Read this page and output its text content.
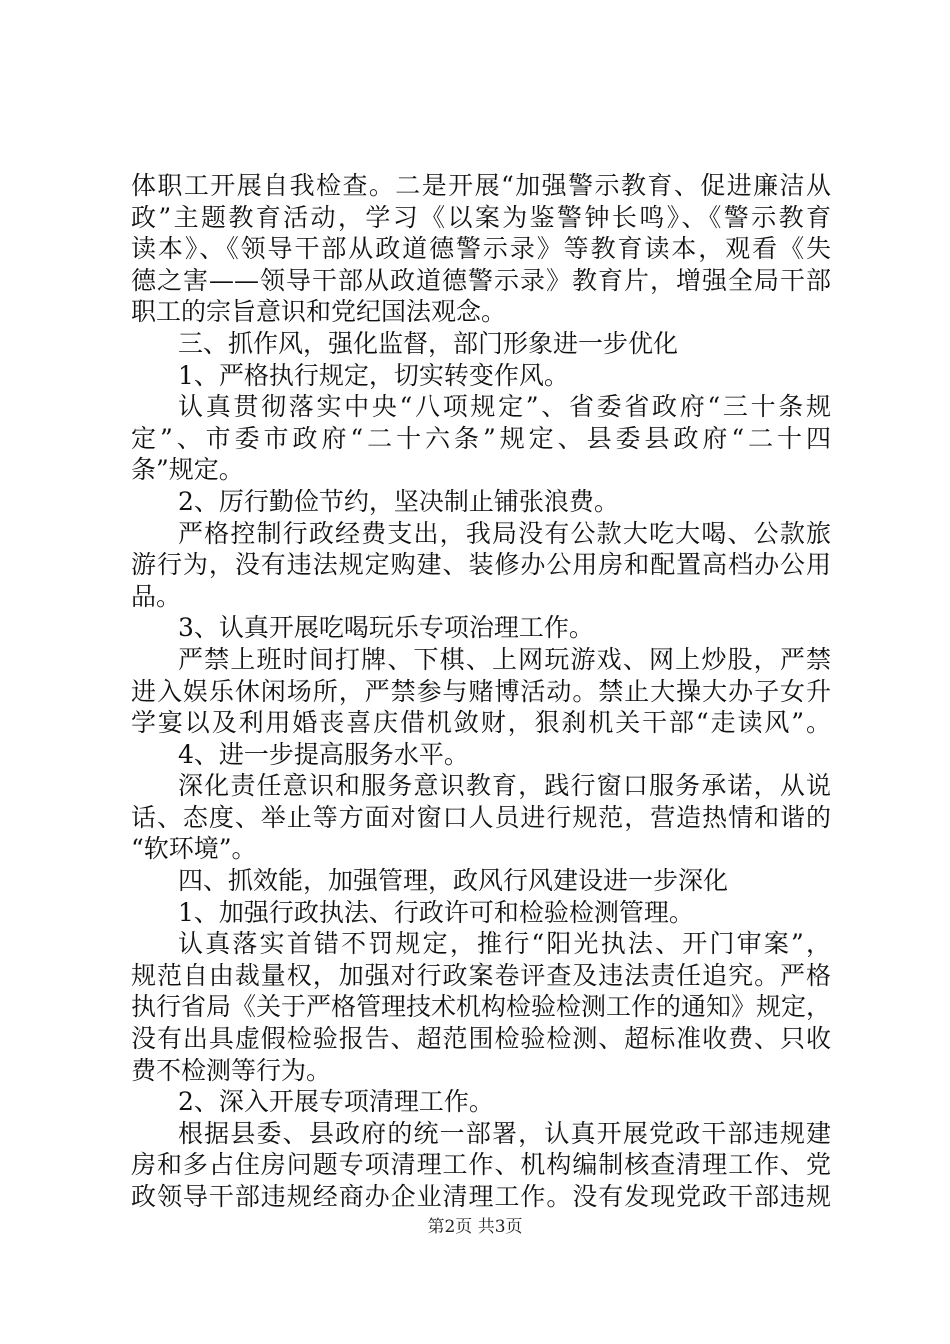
体职工开展自我检查。二是开展“加强警示教育、促进廉洁从
政”主题教育活动，学习《以案为鉴警钟长鸣》、《警示教育
读本》、《领导干部从政道德警示录》等教育读本，观看《失
德之害——领导干部从政道德警示录》教育片，增强全局干部
职工的宗旨意识和党纪国法观念。
三、抓作风，强化监督，部门形象进一步优化
1、严格执行规定，切实转变作风。
认真贯彻落实中央“八项规定”、省委省政府“三十条规
定”、市委市政府“二十六条”规定、县委县政府“二十四
条”规定。
2、厉行勤俭节约，坚决制止铺张浪费。
严格控制行政经费支出，我局没有公款大吃大喝、公款旅
游行为，没有违法规定购建、装修办公用房和配置高档办公用
品。
3、认真开展吃喝玩乐专项治理工作。
严禁上班时间打牌、下棋、上网玩游戏、网上炒股，严禁
进入娱乐休闲场所，严禁参与赌博活动。禁止大操大办子女升
学宴以及利用婚丧喜庆借机敛财，狠刹机关干部“走读风”。
4、进一步提高服务水平。
深化责任意识和服务意识教育，践行窗口服务承诺，从说
话、态度、举止等方面对窗口人员进行规范，营造热情和谐的
“软环境”。
四、抓效能，加强管理，政风行风建设进一步深化
1、加强行政执法、行政许可和检验检测管理。
认真落实首错不罚规定，推行“阳光执法、开门审案”，
规范自由裁量权，加强对行政案卷评查及违法责任追究。严格
执行省局《关于严格管理技术机构检验检测工作的通知》规定，
没有出具虚假检验报告、超范围检验检测、超标准收费、只收
费不检测等行为。
2、深入开展专项清理工作。
根据县委、县政府的统一部署，认真开展党政干部违规建
房和多占住房问题专项清理工作、机构编制核查清理工作、党
政领导干部违规经商办企业清理工作。没有发现党政干部违规
第2页 共3页
